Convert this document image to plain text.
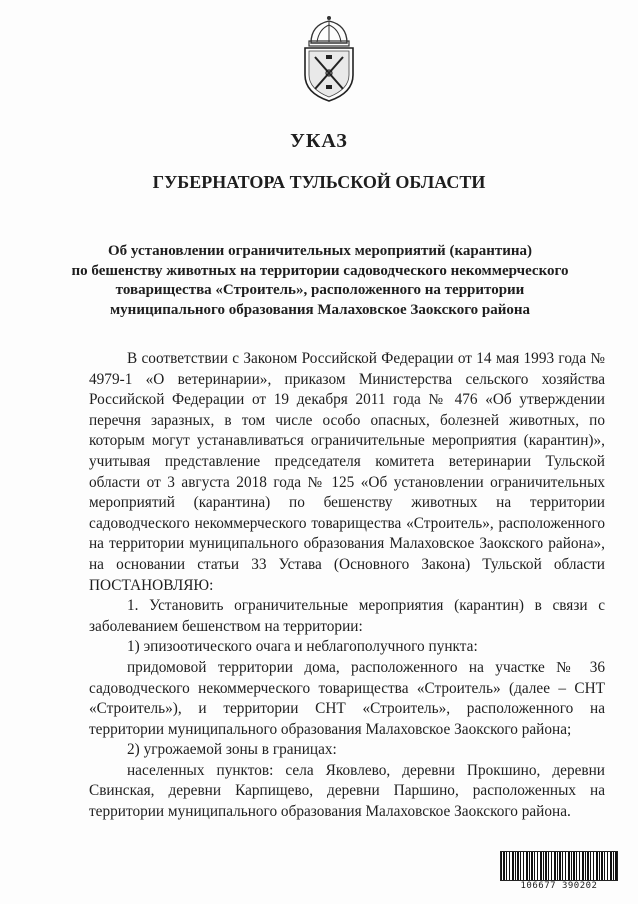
УКАЗ
ГУБЕРНАТОРА ТУЛЬСКОЙ ОБЛАСТИ
Об установлении ограничительных мероприятий (карантина)
по бешенству животных на территории садоводческого некоммерческого
товарищества «Строитель», расположенного на территории
муниципального образования Малаховское Заокского района

В соответствии с Законом Российской Федерации от 14 мая 1993 года № 4979-1 «О ветеринарии», приказом Министерства сельского хозяйства Российской Федерации от 19 декабря 2011 года № 476 «Об утверждении перечня заразных, в том числе особо опасных, болезней животных, по которым могут устанавливаться ограничительные мероприятия (карантин)», учитывая представление председателя комитета ветеринарии Тульской области от 3 августа 2018 года № 125 «Об установлении ограничительных мероприятий (карантина) по бешенству животных на территории садоводческого некоммерческого товарищества «Строитель», расположенного на территории муниципального образования Малаховское Заокского района», на основании статьи 33 Устава (Основного Закона) Тульской области ПОСТАНОВЛЯЮ:

1. Установить ограничительные мероприятия (карантин) в связи с заболеванием бешенством на территории:

1) эпизоотического очага и неблагополучного пункта:

придомовой территории дома, расположенного на участке № 36 садоводческого некоммерческого товарищества «Строитель» (далее – СНТ «Строитель»), и территории СНТ «Строитель», расположенного на территории муниципального образования Малаховское Заокского района;

2) угрожаемой зоны в границах:

населенных пунктов: села Яковлево, деревни Прокшино, деревни Свинская, деревни Карпищево, деревни Паршино, расположенных на территории муниципального образования Малаховское Заокского района.

106677 390202
